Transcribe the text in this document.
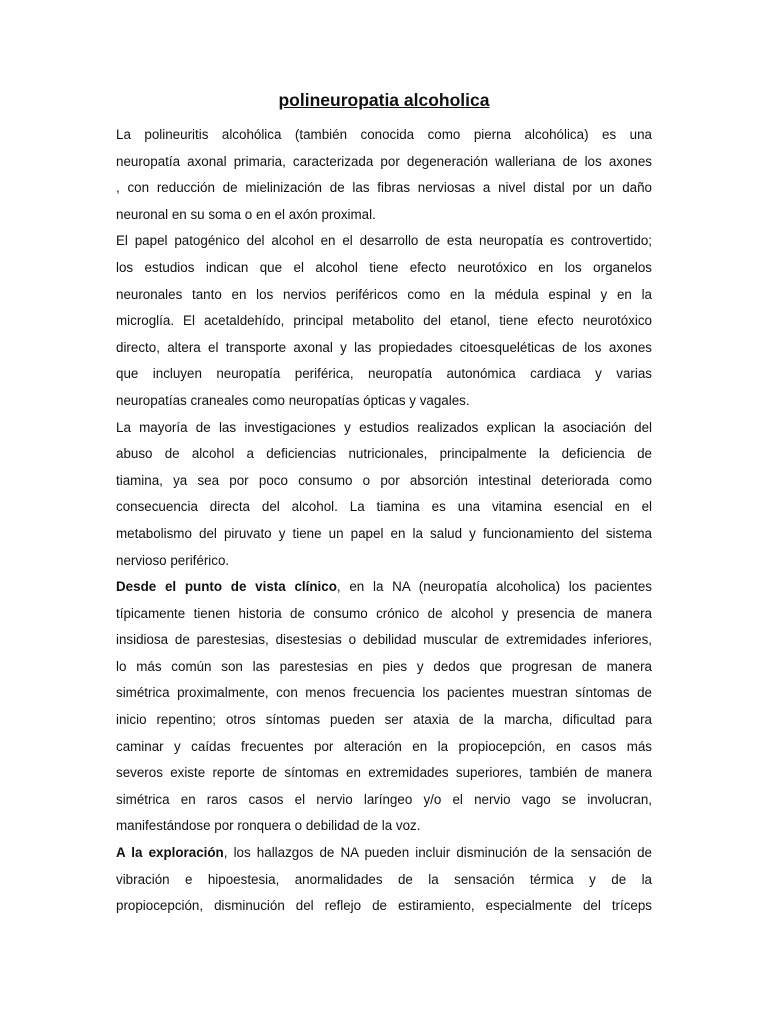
polineuropatia alcoholica

La polineuritis alcohólica (también conocida como pierna alcohólica) es una
neuropatía axonal primaria, caracterizada por degeneración walleriana de los axones
, con reducción de mielinización de las fibras nerviosas a nivel distal por un daño
neuronal en su soma o en el axón proximal.

El papel patogénico del alcohol en el desarrollo de esta neuropatía es controvertido;
los estudios indican que el alcohol tiene efecto neurotóxico en los organelos
neuronales tanto en los nervios periféricos como en la médula espinal y en la
microglía. El acetaldehído, principal metabolito del etanol, tiene efecto neurotóxico
directo, altera el transporte axonal y las propiedades citoesqueléticas de los axones
que incluyen neuropatía periférica, neuropatía autonómica cardiaca y varias
neuropatías craneales como neuropatías ópticas y vagales.

La mayoría de las investigaciones y estudios realizados explican la asociación del
abuso de alcohol a deficiencias nutricionales, principalmente la deficiencia de
tiamina, ya sea por poco consumo o por absorción intestinal deteriorada como
consecuencia directa del alcohol. La tiamina es una vitamina esencial en el
metabolismo del piruvato y tiene un papel en la salud y funcionamiento del sistema
nervioso periférico.

Desde el punto de vista clínico, en la NA (neuropatía alcoholica) los pacientes
típicamente tienen historia de consumo crónico de alcohol y presencia de manera
insidiosa de parestesias, disestesias o debilidad muscular de extremidades inferiores,
lo más común son las parestesias en pies y dedos que progresan de manera
simétrica proximalmente, con menos frecuencia los pacientes muestran síntomas de
inicio repentino; otros síntomas pueden ser ataxia de la marcha, dificultad para
caminar y caídas frecuentes por alteración en la propiocepción, en casos más
severos existe reporte de síntomas en extremidades superiores, también de manera
simétrica en raros casos el nervio laríngeo y/o el nervio vago se involucran,
manifestándose por ronquera o debilidad de la voz.

A la exploración, los hallazgos de NA pueden incluir disminución de la sensación de
vibración e hipoestesia, anormalidades de la sensación térmica y de la
propiocepción, disminución del reflejo de estiramiento, especialmente del tríceps
